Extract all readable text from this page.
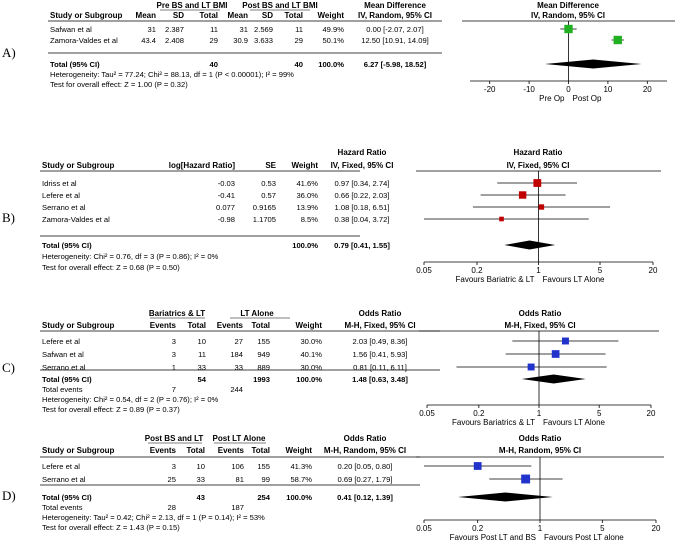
A)
Pre BS and LT BMI Post BS and LT BMI	Mean Difference	Mean Difference
Study or Subgroup Mean SD Total Mean SD Total Weight IV, Random, 95% CI	IV, Random, 95% CI
Safwan et al	31 2.387	11	31 2.569	11	49.9%	0.00 [-2.07, 2.07]
Zamora-Valdes et al	43.4 2.408	29 30.9 3.633	29	50.1% 12.50 [10.91, 14.09]
Total (95% CI)	40	40 100.0%	6.27 [-5.98, 18.52]
Heterogeneity: Tau² = 77.24; Chi² = 88.13, df = 1 (P < 0.00001); I² = 99%
Test for overall effect: Z = 1.00 (P = 0.32)
-20	-10	0	10	20
Pre Op Post Op
B)
Hazard Ratio	Hazard Ratio
Study or Subgroup	log[Hazard Ratio]	SE Weight IV, Fixed, 95% CI	IV, Fixed, 95% CI
Idriss et al	-0.03	0.53	41.6% 0.97 [0.34, 2.74]
Lefere et al	-0.41	0.57	36.0% 0.66 [0.22, 2.03]
Serrano et al	0.077 0.9165	13.9% 1.08 [0.18, 6.51]
Zamora-Valdes et al	-0.98 1.1705	8.5% 0.38 [0.04, 3.72]
Total (95% CI)	100.0% 0.79 [0.41, 1.55]
Heterogeneity: Chi² = 0.76, df = 3 (P = 0.86); I² = 0%
Test for overall effect: Z = 0.68 (P = 0.50)	0.05	0.2	1	5	20
Favours Bariatric & LT Favours LT Alone
C)
Bariatrics & LT	LT Alone	Odds Ratio	Odds Ratio
Study or Subgroup	Events Total Events Total	Weight	M-H, Fixed, 95% CI	M-H, Fixed, 95% CI
Lefere et al	3	10	27 155	30.0%	2.03 [0.49, 8.36]
Safwan et al	3	11	184 949	40.1%	1.56 [0.41, 5.93]
Serrano et al	1	33	33 889	30.0%	0.81 [0.11, 6.11]
Total (95% CI)	54	1993	100.0%	1.48 [0.63, 3.48]
Total events	7	244
Heterogeneity: Chi² = 0.54, df = 2 (P = 0.76); I² = 0%
Test for overall effect: Z = 0.89 (P = 0.37)	0.05	0.2	1	5	20
Favours Bariatrics & LT Favours LT Alone
D)
Post BS and LT Post LT Alone	Odds Ratio	Odds Ratio
Study or Subgroup	Events Total Events Total Weight M-H, Random, 95% CI	M-H, Random, 95% CI
Lefere et al	3	10	106 155	41.3%	0.20 [0.05, 0.80]
Serrano et al	25	33	81 99	58.7%	0.69 [0.27, 1.79]
Total (95% CI)	43	254 100.0%	0.41 [0.12, 1.39]
Total events	28	187
Heterogeneity: Tau² = 0.42; Chi² = 2.13, df = 1 (P = 0.14); I² = 53%
Test for overall effect: Z = 1.43 (P = 0.15)	0.05	0.2	1	5	20
Favours Post LT and BS Favours Post LT alone
